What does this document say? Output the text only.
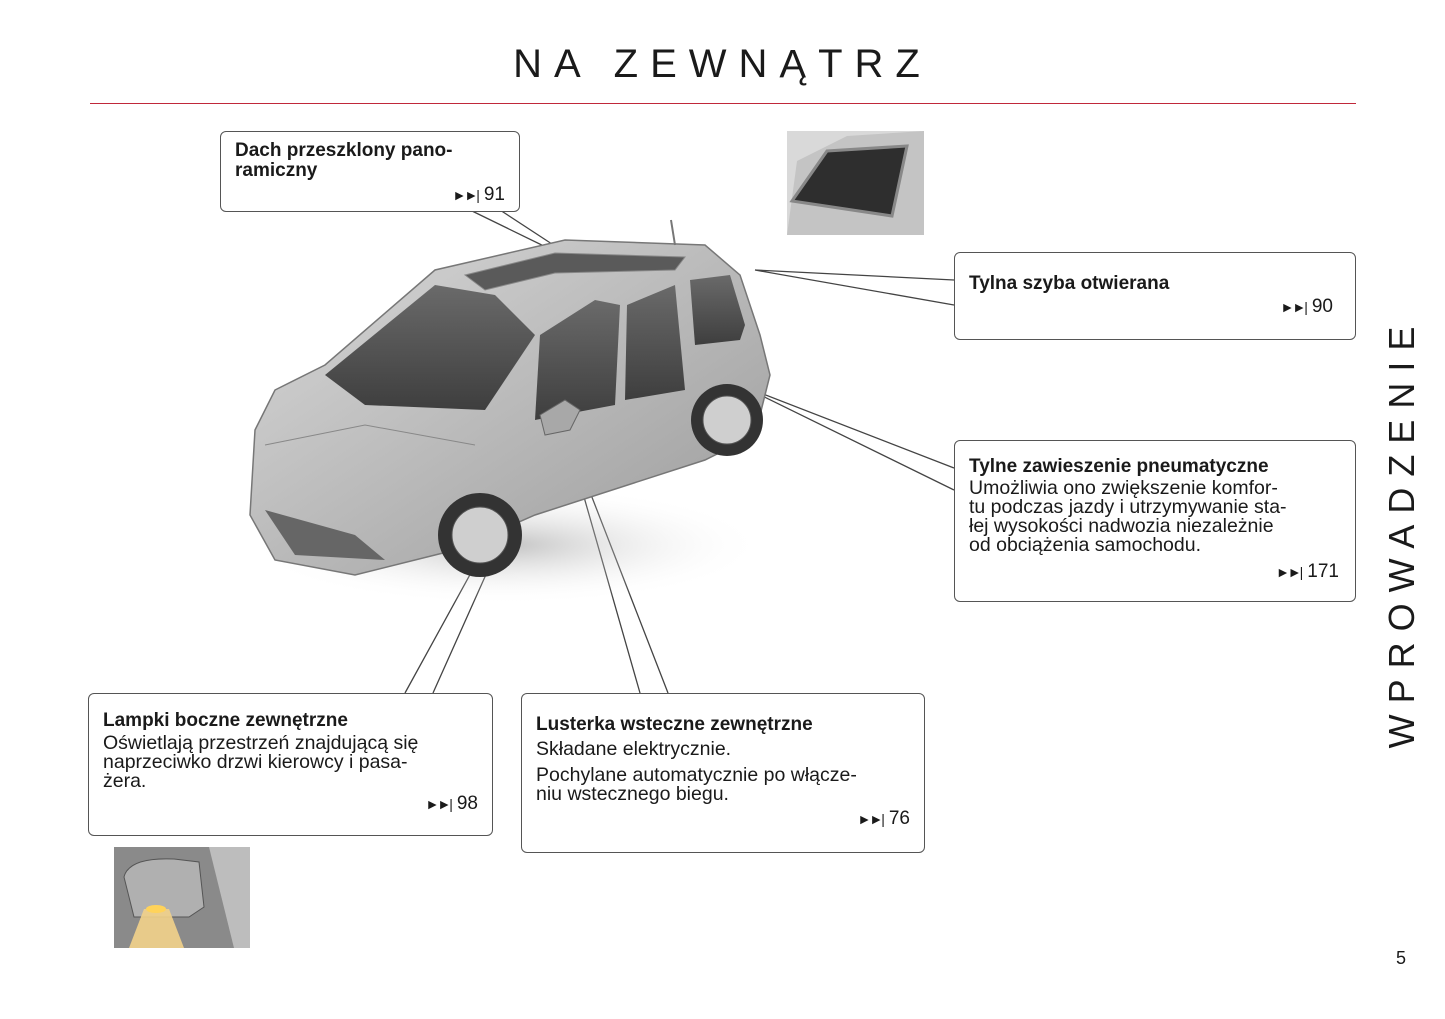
NA ZEWNĄTRZ

Dach przeszklony pano-
ramiczny

►►| 91

Tylna szyba otwierana

►►| 90

Tylne zawieszenie pneumatyczne

Umożliwia ono zwiększenie komfor-
tu podczas jazdy i utrzymywanie sta-
łej wysokości nadwozia niezależnie
od obciążenia samochodu.

►►| 171

Lampki boczne zewnętrzne

Oświetlają przestrzeń znajdującą się
naprzeciwko drzwi kierowcy i pasa-
żera.

►►| 98

Lusterka wsteczne zewnętrzne

Składane elektrycznie.

Pochylane automatycznie po włącze-
niu wstecznego biegu.

►►| 76
WPROWADZENIE
5
